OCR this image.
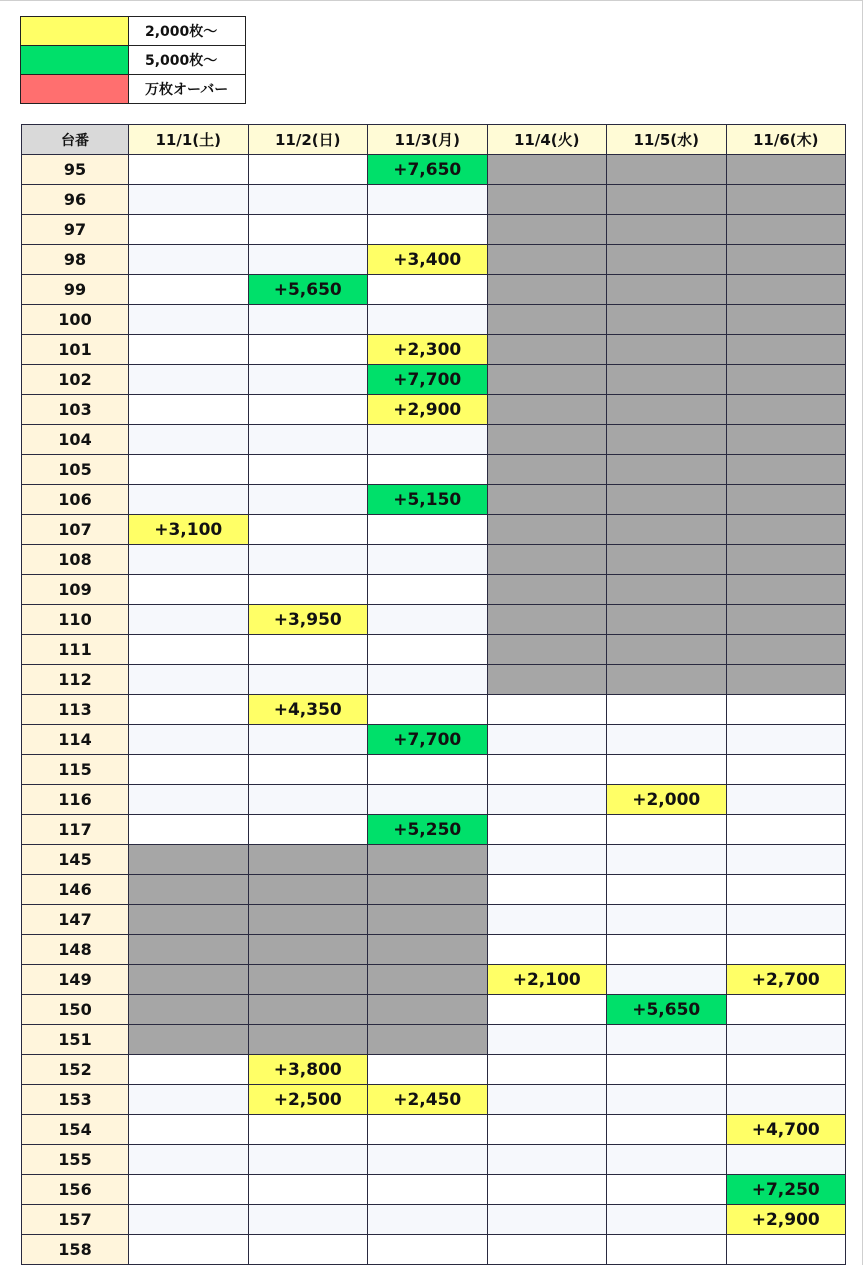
	2,000枚～
	5,000枚～
	万枚オーバー
台番	11/1(土)	11/2(日)	11/3(月)	11/4(火)	11/5(水)	11/6(木)
95			+7,650			
96						
97						
98			+3,400			
99		+5,650				
100						
101			+2,300			
102			+7,700			
103			+2,900			
104						
105						
106			+5,150			
107	+3,100					
108						
109						
110		+3,950				
111						
112						
113		+4,350				
114			+7,700			
115						
116					+2,000	
117			+5,250			
145						
146						
147						
148						
149				+2,100		+2,700
150					+5,650	
151						
152		+3,800				
153		+2,500	+2,450			
154						+4,700
155						
156						+7,250
157						+2,900
158						
